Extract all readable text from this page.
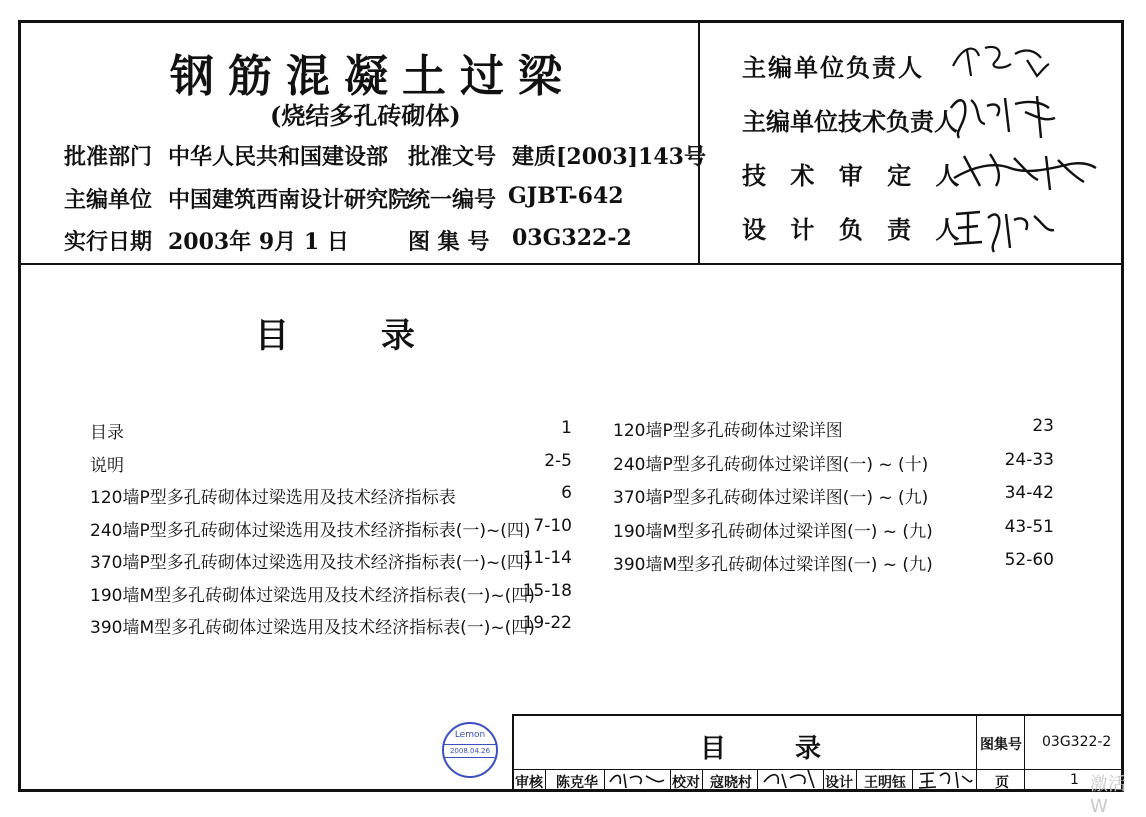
钢筋混凝土过梁
(烧结多孔砖砌体)
批准部门 中华人民共和国建设部 批准文号 建质[2003]143号
主编单位 中国建筑西南设计研究院
统一编号 GJBT-642
实行日期 2003年 9月 1 日	图 集 号 03G322-2
主编单位负责人
主编单位技术负责人
技 术 审 定 人
设 计 负 责 人
目 录
目录	1
说明	2-5
120墙P型多孔砖砌体过梁选用及技术经济指标表	6
240墙P型多孔砖砌体过梁选用及技术经济指标表(一)~(四) 7-10
370墙P型多孔砖砌体过梁选用及技术经济指标表(一)~(四)
11-14
190墙M型多孔砖砌体过梁选用及技术经济指标表(一)~(四)
15-18
390墙M型多孔砖砌体过梁选用及技术经济指标表(一)~(四)
19-22
120墙P型多孔砖砌体过梁详图	23
240墙P型多孔砖砌体过梁详图(一) ~ (十)	24-33
370墙P型多孔砖砌体过梁详图(一) ~ (九)	34-42
190墙M型多孔砖砌体过梁详图(一) ~ (九)	43-51
390墙M型多孔砖砌体过梁详图(一) ~ (九)	52-60
Lemon
2008.04.26	目 录	图集号 03G322-2
审核 陈克华	校对 寇晓村	设计 王明钰	页	1 激活 W
